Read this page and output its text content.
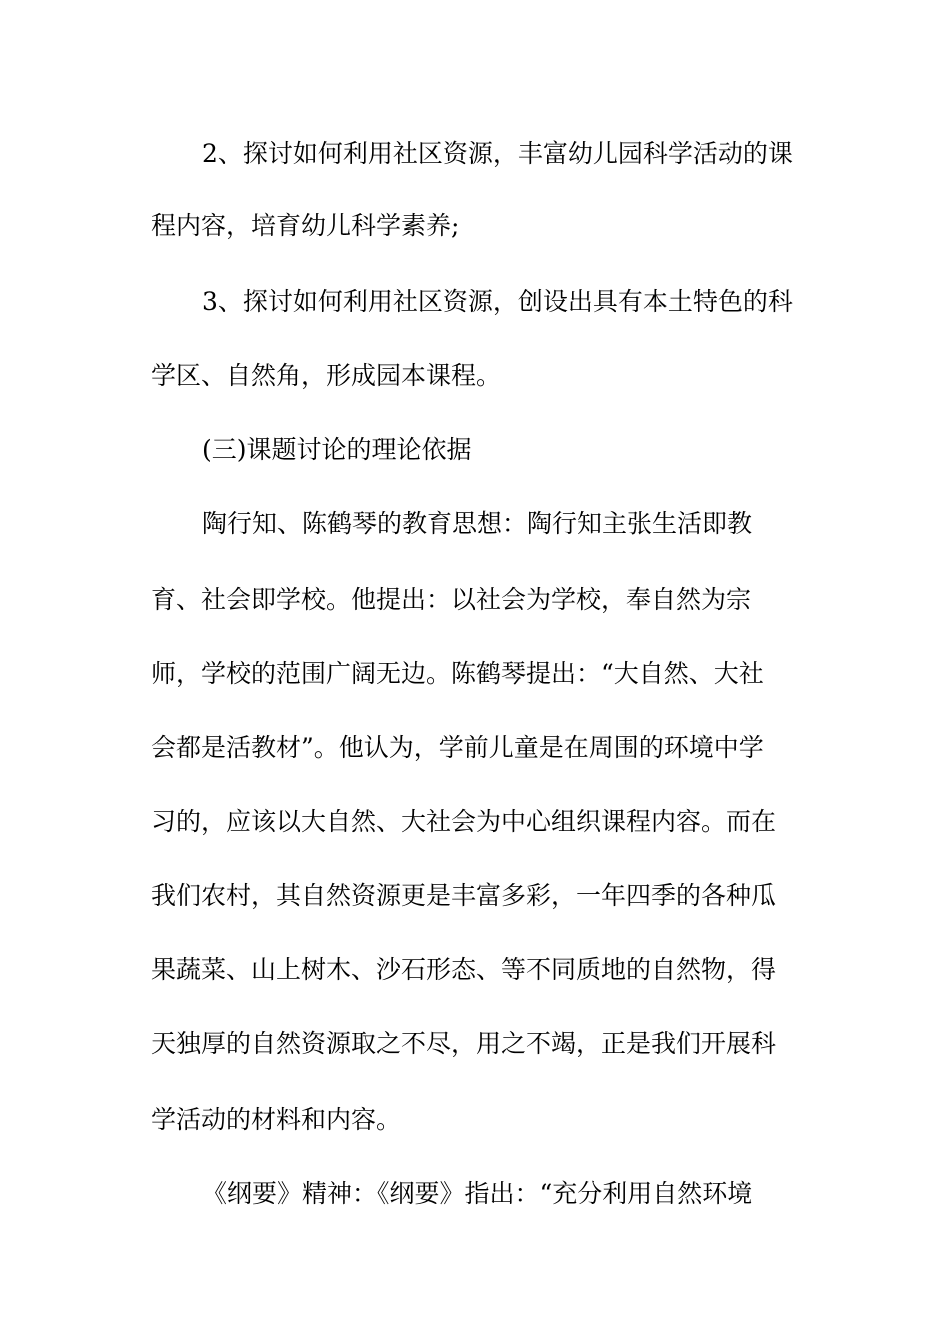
2、探讨如何利用社区资源，丰富幼儿园科学活动的课

程内容，培育幼儿科学素养;

3、探讨如何利用社区资源，创设出具有本土特色的科

学区、自然角，形成园本课程。

(三)课题讨论的理论依据

陶行知、陈鹤琴的教育思想：陶行知主张生活即教

育、社会即学校。他提出：以社会为学校，奉自然为宗

师，学校的范围广阔无边。陈鹤琴提出：“大自然、大社

会都是活教材”。他认为，学前儿童是在周围的环境中学

习的，应该以大自然、大社会为中心组织课程内容。而在

我们农村，其自然资源更是丰富多彩，一年四季的各种瓜

果蔬菜、山上树木、沙石形态、等不同质地的自然物，得

天独厚的自然资源取之不尽，用之不竭，正是我们开展科

学活动的材料和内容。

《纲要》精神：《纲要》指出：“充分利用自然环境
